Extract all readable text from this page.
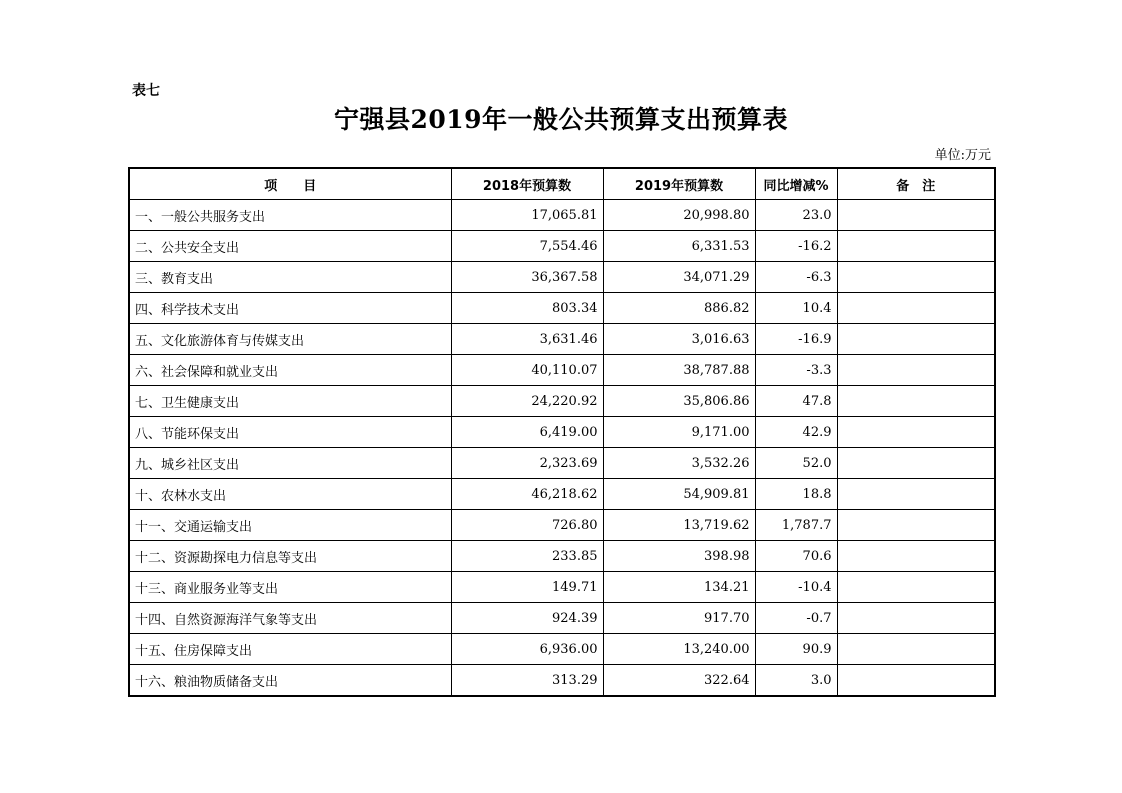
表七
宁强县2019年一般公共预算支出预算表
单位:万元
项　　目	2018年预算数	2019年预算数	同比增减%	备　注
一、一般公共服务支出	17,065.81	20,998.80	23.0	
二、公共安全支出	7,554.46	6,331.53	-16.2	
三、教育支出	36,367.58	34,071.29	-6.3	
四、科学技术支出	803.34	886.82	10.4	
五、文化旅游体育与传媒支出	3,631.46	3,016.63	-16.9	
六、社会保障和就业支出	40,110.07	38,787.88	-3.3	
七、卫生健康支出	24,220.92	35,806.86	47.8	
八、节能环保支出	6,419.00	9,171.00	42.9	
九、城乡社区支出	2,323.69	3,532.26	52.0	
十、农林水支出	46,218.62	54,909.81	18.8	
十一、交通运输支出	726.80	13,719.62	1,787.7	
十二、资源勘探电力信息等支出	233.85	398.98	70.6	
十三、商业服务业等支出	149.71	134.21	-10.4	
十四、自然资源海洋气象等支出	924.39	917.70	-0.7	
十五、住房保障支出	6,936.00	13,240.00	90.9	
十六、粮油物质储备支出	313.29	322.64	3.0	
